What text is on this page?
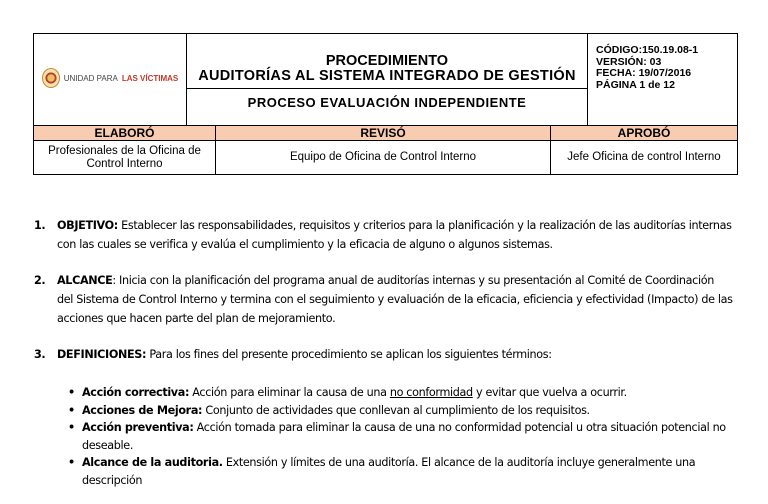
UNIDAD PARA LAS VÍCTIMAS

PROCEDIMIENTO
AUDITORÍAS AL SISTEMA INTEGRADO DE GESTIÓN
PROCESO EVALUACIÓN INDEPENDIENTE

CÓDIGO:150.19.08-1
VERSIÓN: 03
FECHA: 19/07/2016
PÁGINA 1 de 12
ELABORÓ	REVISÓ	APROBÓ
Profesionales de la Oficina de Control Interno	Equipo de Oficina de Control Interno	Jefe Oficina de control Interno
1.	OBJETIVO: Establecer las responsabilidades, requisitos y criterios para la planificación y la realización de las auditorías internas con las cuales se verifica y evalúa el cumplimiento y la eficacia de alguno o algunos sistemas.
2.	ALCANCE: Inicia con la planificación del programa anual de auditorías internas y su presentación al Comité de Coordinación del Sistema de Control Interno y termina con el seguimiento y evaluación de la eficacia, eficiencia y efectividad (Impacto) de las acciones que hacen parte del plan de mejoramiento.
3.	DEFINICIONES: Para los fines del presente procedimiento se aplican los siguientes términos:
• Acción correctiva: Acción para eliminar la causa de una no conformidad y evitar que vuelva a ocurrir.
• Acciones de Mejora: Conjunto de actividades que conllevan al cumplimiento de los requisitos.
• Acción preventiva: Acción tomada para eliminar la causa de una no conformidad potencial u otra situación potencial no deseable.
• Alcance de la auditoria. Extensión y límites de una auditoría. El alcance de la auditoría incluye generalmente una descripción
